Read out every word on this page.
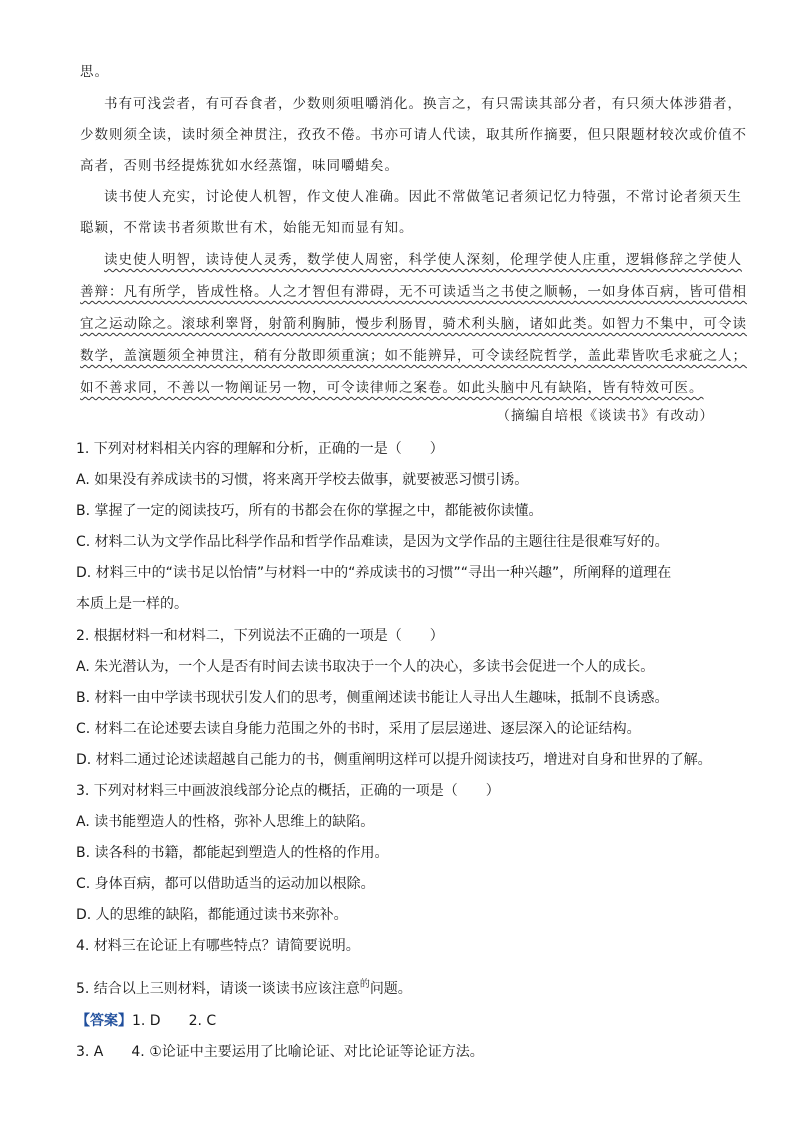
思。
书有可浅尝者，有可吞食者，少数则须咀嚼消化。换言之，有只需读其部分者，有只须大体涉猎者，
少数则须全读，读时须全神贯注，孜孜不倦。书亦可请人代读，取其所作摘要，但只限题材较次或价值不
高者，否则书经提炼犹如水经蒸馏，味同嚼蜡矣。
读书使人充实，讨论使人机智，作文使人准确。因此不常做笔记者须记忆力特强，不常讨论者须天生
聪颖，不常读书者须欺世有术，始能无知而显有知。
读史使人明智，读诗使人灵秀，数学使人周密，科学使人深刻，伦理学使人庄重，逻辑修辞之学使人
善辩：凡有所学，皆成性格。人之才智但有滞碍，无不可读适当之书使之顺畅，一如身体百病，皆可借相
宜之运动除之。滚球利睾肾，射箭利胸肺，慢步利肠胃，骑术利头脑，诸如此类。如智力不集中，可令读
数学，盖演题须全神贯注，稍有分散即须重演；如不能辨异，可令读经院哲学，盖此辈皆吹毛求疵之人；
如不善求同，不善以一物阐证另一物，可令读律师之案卷。如此头脑中凡有缺陷，皆有特效可医。
（摘编自培根《谈读书》有改动）
1. 下列对材料相关内容的理解和分析，正确的一是（　　）
A. 如果没有养成读书的习惯，将来离开学校去做事，就要被恶习惯引诱。
B. 掌握了一定的阅读技巧，所有的书都会在你的掌握之中，都能被你读懂。
C. 材料二认为文学作品比科学作品和哲学作品难读，是因为文学作品的主题往往是很难写好的。
D. 材料三中的“读书足以怡情”与材料一中的“养成读书的习惯”“寻出一种兴趣”，所阐释的道理在
本质上是一样的。
2. 根据材料一和材料二，下列说法不正确的一项是（　　）
A. 朱光潜认为，一个人是否有时间去读书取决于一个人的决心，多读书会促进一个人的成长。
B. 材料一由中学读书现状引发人们的思考，侧重阐述读书能让人寻出人生趣味，抵制不良诱惑。
C. 材料二在论述要去读自身能力范围之外的书时，采用了层层递进、逐层深入的论证结构。
D. 材料二通过论述读超越自己能力的书，侧重阐明这样可以提升阅读技巧，增进对自身和世界的了解。
3. 下列对材料三中画波浪线部分论点的概括，正确的一项是（　　）
A. 读书能塑造人的性格，弥补人思维上的缺陷。
B. 读各科的书籍，都能起到塑造人的性格的作用。
C. 身体百病，都可以借助适当的运动加以根除。
D. 人的思维的缺陷，都能通过读书来弥补。
4. 材料三在论证上有哪些特点？请简要说明。
5. 结合以上三则材料，请谈一谈读书应该注意$^的$问题。
【答案】1. D　　2. C
3. A　　4. ①论证中主要运用了比喻论证、对比论证等论证方法。
